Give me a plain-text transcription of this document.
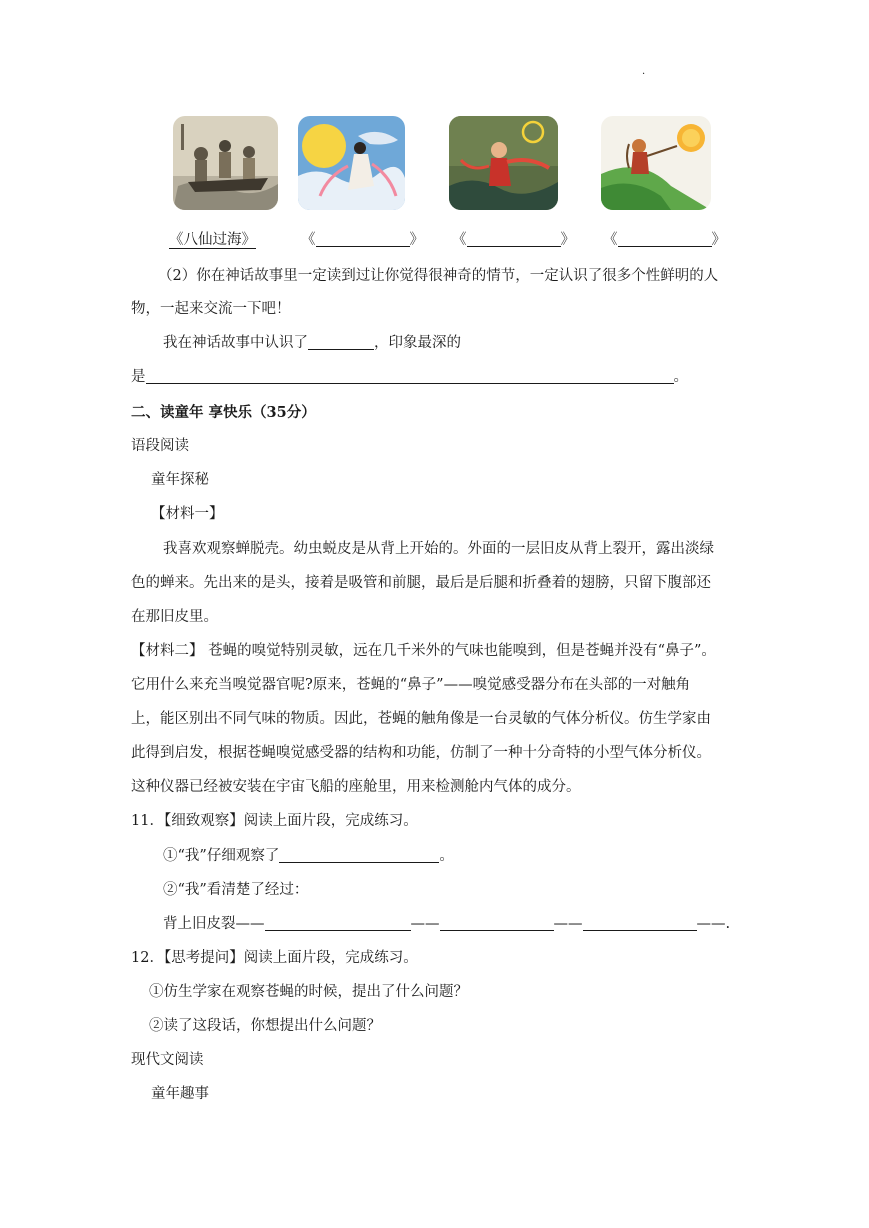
.
《八仙过海》	《	》 《	》 《	》
（2）你在神话故事里一定读到过让你觉得很神奇的情节，一定认识了很多个性鲜明的人
物，一起来交流一下吧！
我在神话故事中认识了	，印象最深的
是	。
二、读童年 享快乐（35分）
语段阅读
童年探秘
【材料一】
我喜欢观察蝉脱壳。幼虫蜕皮是从背上开始的。外面的一层旧皮从背上裂开，露出淡绿
色的蝉来。先出来的是头，接着是吸管和前腿，最后是后腿和折叠着的翅膀，只留下腹部还
在那旧皮里。
【材料二】 苍蝇的嗅觉特别灵敏，远在几千米外的气味也能嗅到，但是苍蝇并没有“鼻子”。
它用什么来充当嗅觉器官呢?原来，苍蝇的“鼻子”——嗅觉感受器分布在头部的一对触角
上，能区别出不同气味的物质。因此，苍蝇的触角像是一台灵敏的气体分析仪。仿生学家由
此得到启发，根据苍蝇嗅觉感受器的结构和功能，仿制了一种十分奇特的小型气体分析仪。
这种仪器已经被安装在宇宙飞船的座舱里，用来检测舱内气体的成分。
11．【细致观察】阅读上面片段，完成练习。
①“我”仔细观察了	。
②“我”看清楚了经过：
背上旧皮裂——	——	——	——.
12．【思考提问】阅读上面片段，完成练习。
①仿生学家在观察苍蝇的时候，提出了什么问题？
②读了这段话，你想提出什么问题？
现代文阅读
童年趣事
